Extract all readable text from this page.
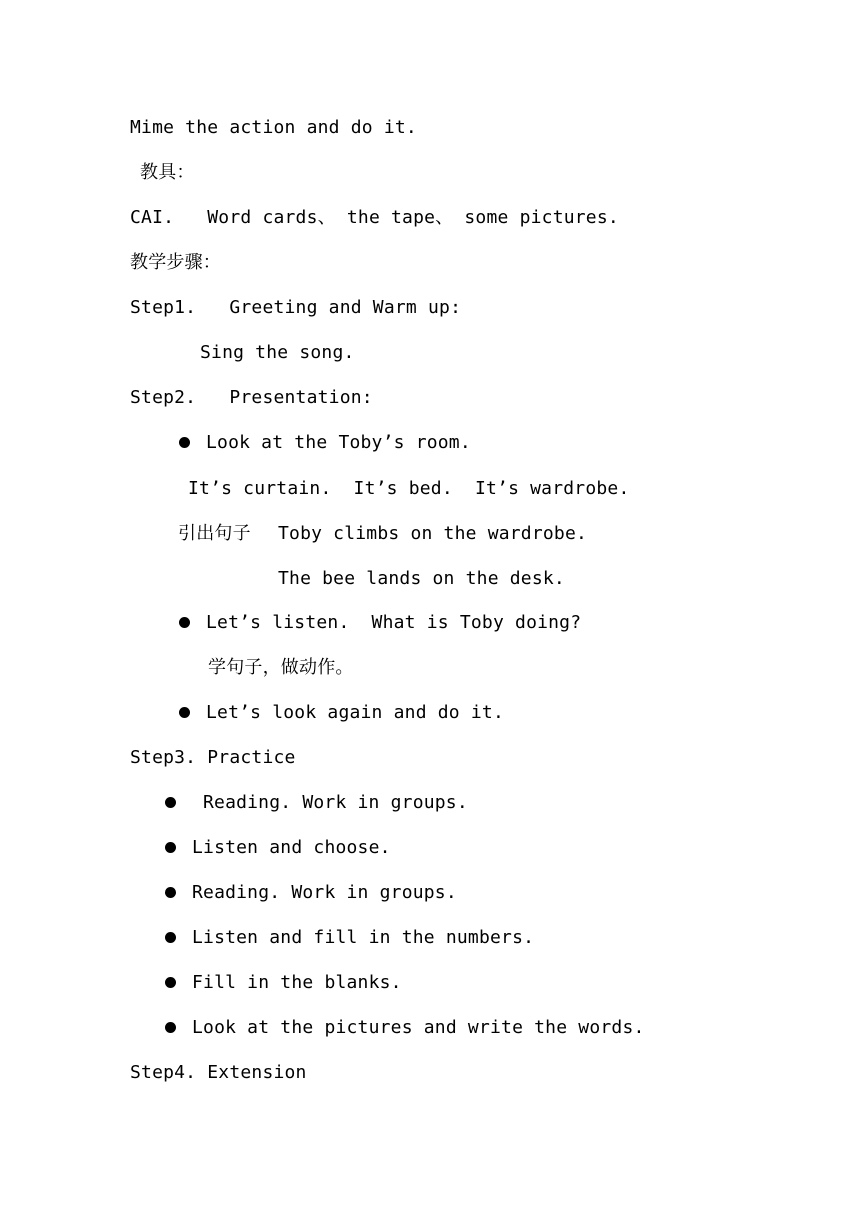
Mime the action and do it.
教具：
CAI.   Word cards、 the tape、 some pictures.
教学步骤：
Step1.   Greeting and Warm up:
Sing the song.
Step2.   Presentation:
Look at the Toby’s room.
It’s curtain.  It’s bed.  It’s wardrobe.
引出句子 Toby climbs on the wardrobe.
The bee lands on the desk.
Let’s listen.  What is Toby doing?
学句子，做动作。
Let’s look again and do it.
Step3. Practice
Reading. Work in groups.
Listen and choose.
Reading. Work in groups.
Listen and fill in the numbers.
Fill in the blanks.
Look at the pictures and write the words.
Step4. Extension
